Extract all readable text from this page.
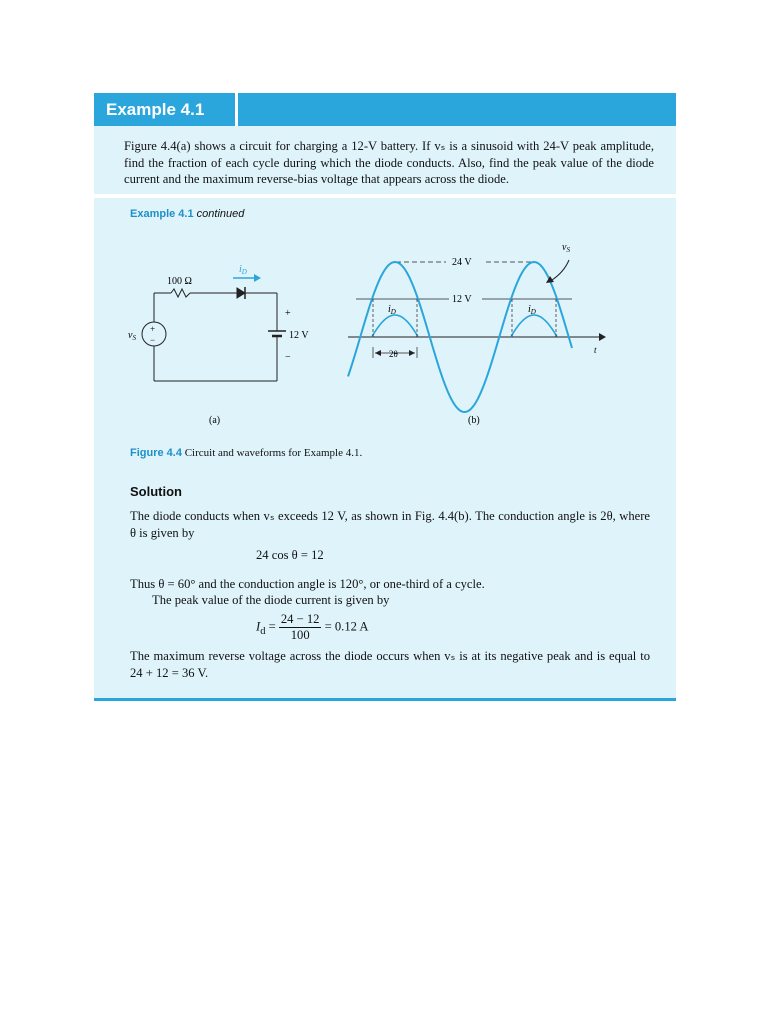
Example 4.1
Figure 4.4(a) shows a circuit for charging a 12-V battery. If vₛ is a sinusoid with 24-V peak amplitude, find the fraction of each cycle during which the diode conducts. Also, find the peak value of the diode current and the maximum reverse-bias voltage that appears across the diode.
Example 4.1 continued
+
−
100 Ω
$i_D$
$v_S$
+
12 V
−
(a)
24 V
12 V
$v_S$
$i_D$	$i_D$
2θ	t
(b)
Figure 4.4 Circuit and waveforms for Example 4.1.
Solution
The diode conducts when vₛ exceeds 12 V, as shown in Fig. 4.4(b). The conduction angle is 2θ, where θ is given by
24 cos θ = 12
Thus θ = 60° and the conduction angle is 120°, or one-third of a cycle.
The peak value of the diode current is given by
$I_d = \frac{24 - 12}{100} = 0.12$ A
The maximum reverse voltage across the diode occurs when vₛ is at its negative peak and is equal to 24 + 12 = 36 V.
